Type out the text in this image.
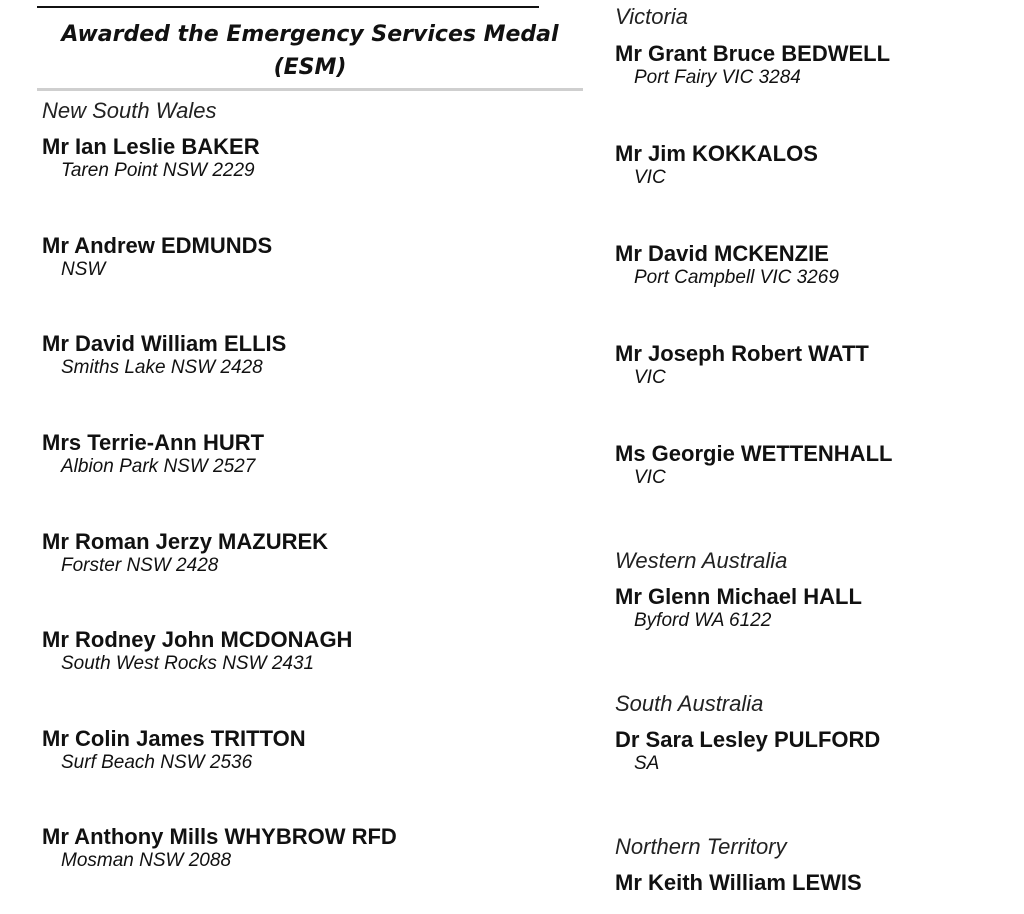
Awarded the Emergency Services Medal (ESM)
New South Wales
Mr Ian Leslie BAKER
Taren Point NSW 2229
Mr Andrew EDMUNDS
NSW
Mr David William ELLIS
Smiths Lake NSW 2428
Mrs Terrie-Ann HURT
Albion Park NSW 2527
Mr Roman Jerzy MAZUREK
Forster NSW 2428
Mr Rodney John MCDONAGH
South West Rocks NSW 2431
Mr Colin James TRITTON
Surf Beach NSW 2536
Mr Anthony Mills WHYBROW RFD
Mosman NSW 2088
Victoria
Mr Grant Bruce BEDWELL
Port Fairy VIC 3284
Mr Jim KOKKALOS
VIC
Mr David MCKENZIE
Port Campbell VIC 3269
Mr Joseph Robert WATT
VIC
Ms Georgie WETTENHALL
VIC
Western Australia
Mr Glenn Michael HALL
Byford WA 6122
South Australia
Dr Sara Lesley PULFORD
SA
Northern Territory
Mr Keith William LEWIS
